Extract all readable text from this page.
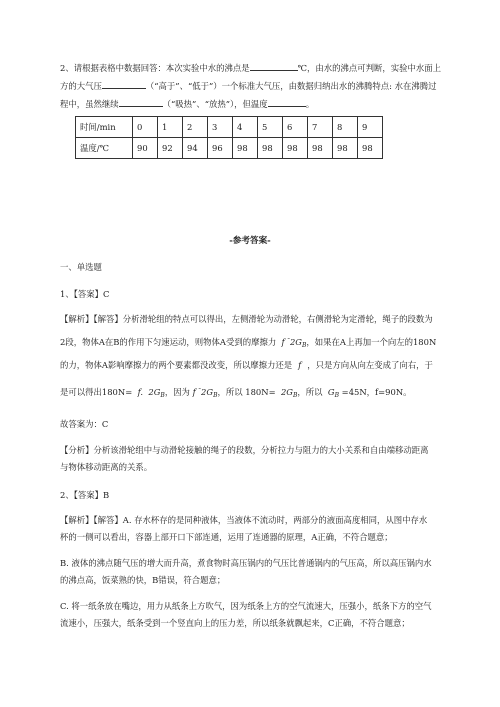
2、请根据表格中数据回答：本次实验中水的沸点是	℃，由水的沸点可判断，实验中水面上
方的大气压	（“高于”、“低于”）一个标准大气压，由数据归纳出水的沸腾特点: 水在沸腾过
程中，虽然继续	（“吸热”、“放热”），但温度	。
时间/min	0	1	2	3	4	5	6	7	8	9
温度/℃	90	92	94	96	98	98	98	98	98	98
-参考答案-
一、单选题
1、【答案】C
【解析】【解答】分析滑轮组的特点可以得出，左侧滑轮为动滑轮，右侧滑轮为定滑轮，绳子的段数为
2段，物体A在B的作用下匀速运动，则物体A受到的摩擦力 f $^{^=}2G_B$，如果在A上再加一个向左的180N
的力，物体A影响摩擦力的两个要素都没改变，所以摩擦力还是 f ，只是方向从向左变成了向右，于
是可以得出180N= f. $2G_B$，因为 f $^{^=}2G_B$，所以 $180N= 2G_B$，所以 $G_B =45N$，f=90N。
故答案为：C
【分析】分析该滑轮组中与动滑轮接触的绳子的段数，分析拉力与阻力的大小关系和自由端移动距离
与物体移动距离的关系。
2、【答案】B
【解析】【解答】A. 存水杯存的是同种液体，当液体不流动时，两部分的液面高度相同，从图中存水
杯的一侧可以看出，容器上部开口下部连通，运用了连通器的原理，A正确，不符合题意；
B. 液体的沸点随气压的增大而升高，煮食物时高压锅内的气压比普通锅内的气压高，所以高压锅内水
的沸点高，饭菜熟的快，B错误，符合题意；
C. 将一纸条放在嘴边，用力从纸条上方吹气，因为纸条上方的空气流速大，压强小，纸条下方的空气
流速小，压强大，纸条受到一个竖直向上的压力差，所以纸条就飘起来，C正确，不符合题意；
